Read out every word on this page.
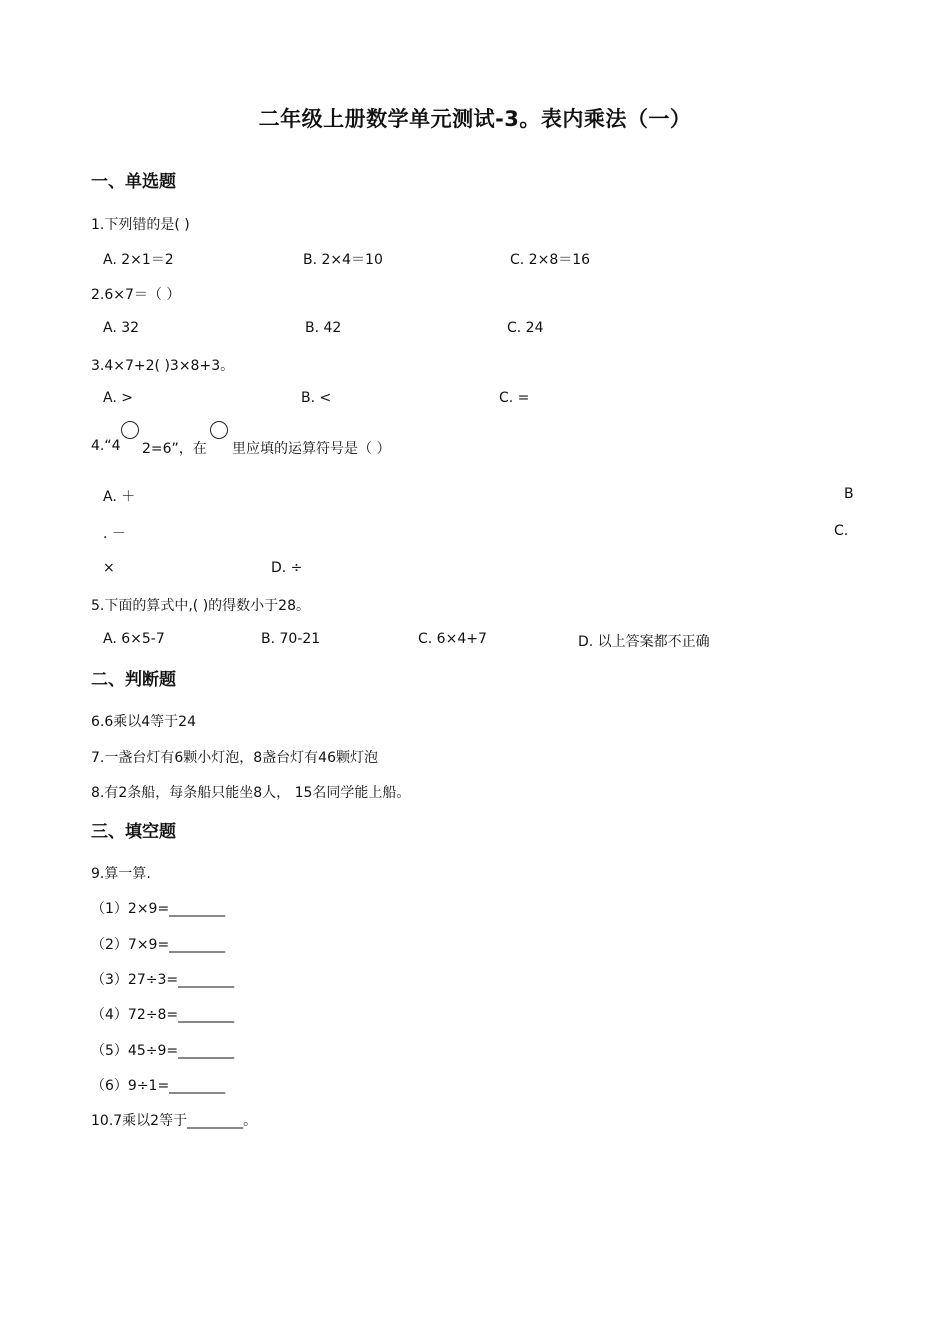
二年级上册数学单元测试-3。表内乘法（一）
一、单选题
1.下列错的是( )
A. 2×1＝2	B. 2×4＝10	C. 2×8＝16
2.6×7＝（ ）
A. 32	B. 42	C. 24
3.4×7+2( )3×8+3。
A. >	B. <	C. =
4.“4 2=6”，在 里应填的运算符号是（ ）
A. ＋	B
. －	C.
×	D. ÷
5.下面的算式中,( )的得数小于28。
A. 6×5-7	B. 70-21	C. 6×4+7	D. 以上答案都不正确
二、判断题
6.6乘以4等于24
7.一盏台灯有6颗小灯泡，8盏台灯有46颗灯泡
8.有2条船，每条船只能坐8人， 15名同学能上船。
三、填空题
9.算一算.
（1）2×9=________
（2）7×9=________
（3）27÷3=________
（4）72÷8=________
（5）45÷9=________
（6）9÷1=________
10.7乘以2等于________。
